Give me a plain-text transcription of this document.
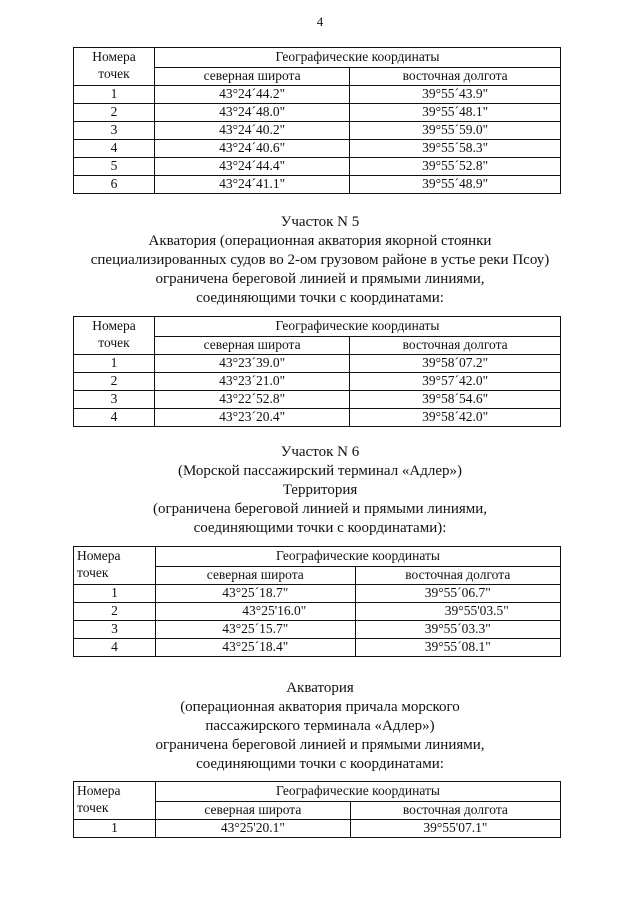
4
Номера
точек	Географические координаты	
	северная широта	восточная долгота
1	43°24´44.2"	39°55´43.9"
2	43°24´48.0"	39°55´48.1"
3	43°24´40.2"	39°55´59.0"
4	43°24´40.6"	39°55´58.3"
5	43°24´44.4"	39°55´52.8"
6	43°24´41.1"	39°55´48.9"
Участок N 5
Акватория (операционная акватория якорной стоянки
специализированных судов во 2-ом грузовом районе в устье реки Псоу)
ограничена береговой линией и прямыми линиями,
соединяющими точки с координатами:
Номера
точек	Географические координаты	
	северная широта	восточная долгота
1	43°23´39.0"	39°58´07.2"
2	43°23´21.0"	39°57´42.0"
3	43°22´52.8"	39°58´54.6"
4	43°23´20.4"	39°58´42.0"
Участок N 6
(Морской пассажирский терминал «Адлер»)
Территория
(ограничена береговой линией и прямыми линиями,
соединяющими точки с координатами):
Номера
точек	Географические координаты	
	северная широта	восточная долгота
1	43°25´18.7"	39°55´06.7"
2	43°25'16.0"	39°55'03.5"
3	43°25´15.7"	39°55´03.3"
4	43°25´18.4"	39°55´08.1"
Акватория
(операционная акватория причала морского
пассажирского терминала «Адлер»)
ограничена береговой линией и прямыми линиями,
соединяющими точки с координатами:
Номера
точек	Географические координаты	
	северная широта	восточная долгота
1	43°25'20.1"	39°55'07.1"
